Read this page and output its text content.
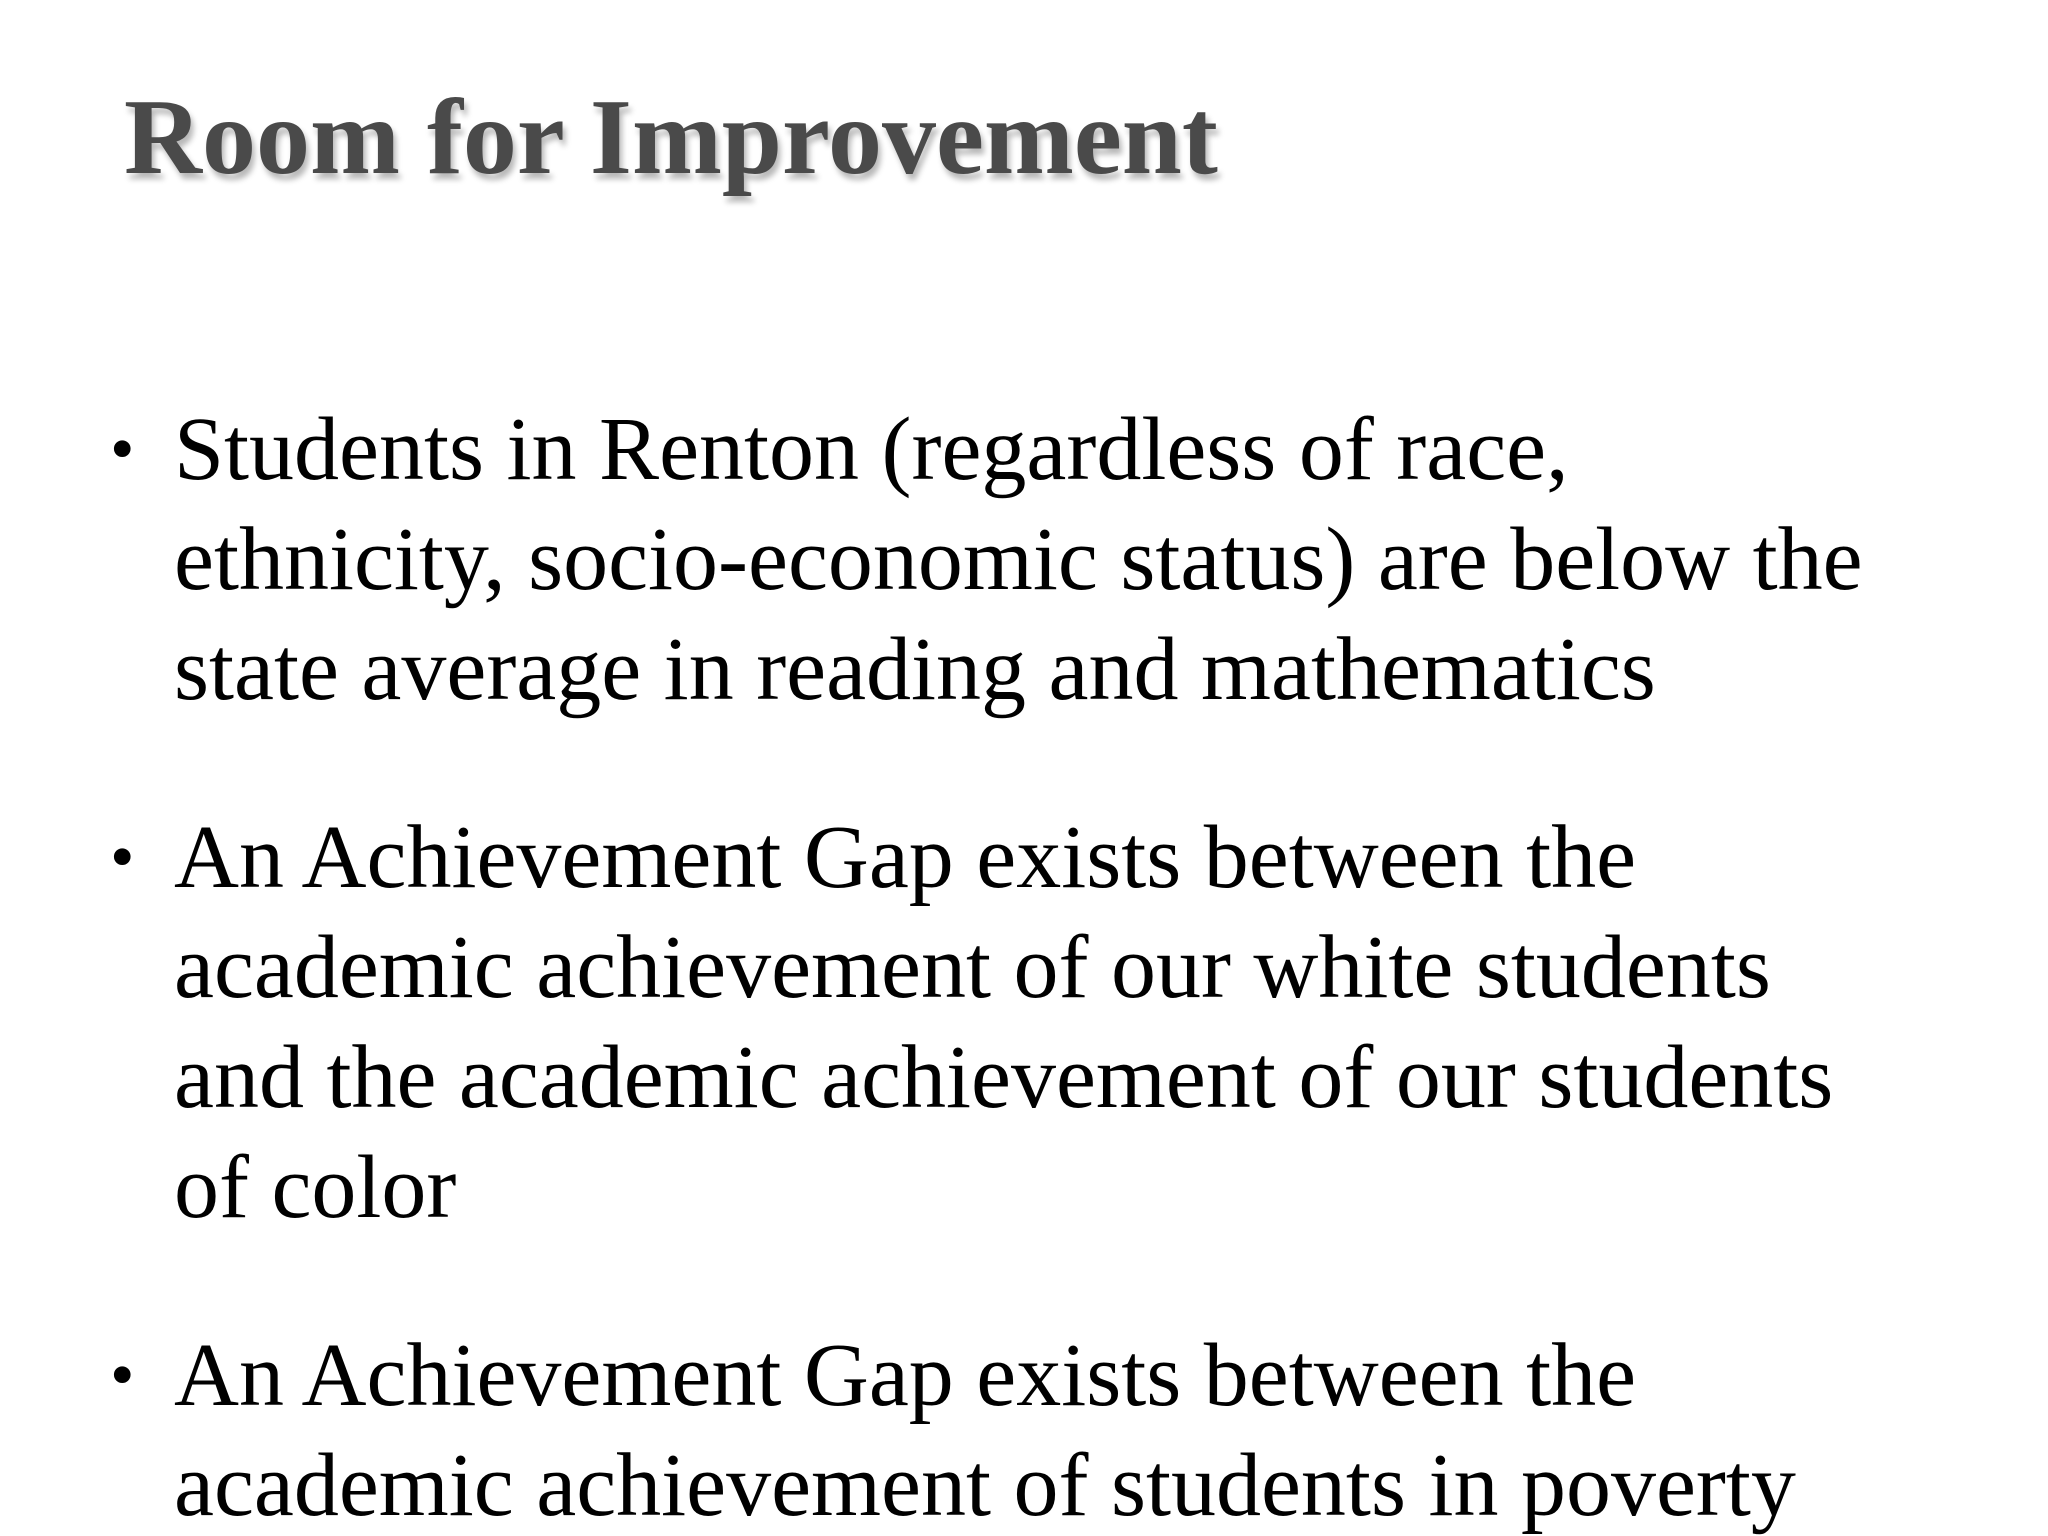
Room for Improvement
• Students in Renton (regardless of race,
ethnicity, socio-economic status) are below the
state average in reading and mathematics
• An Achievement Gap exists between the
academic achievement of our white students
and the academic achievement of our students
of color
• An Achievement Gap exists between the
academic achievement of students in poverty
